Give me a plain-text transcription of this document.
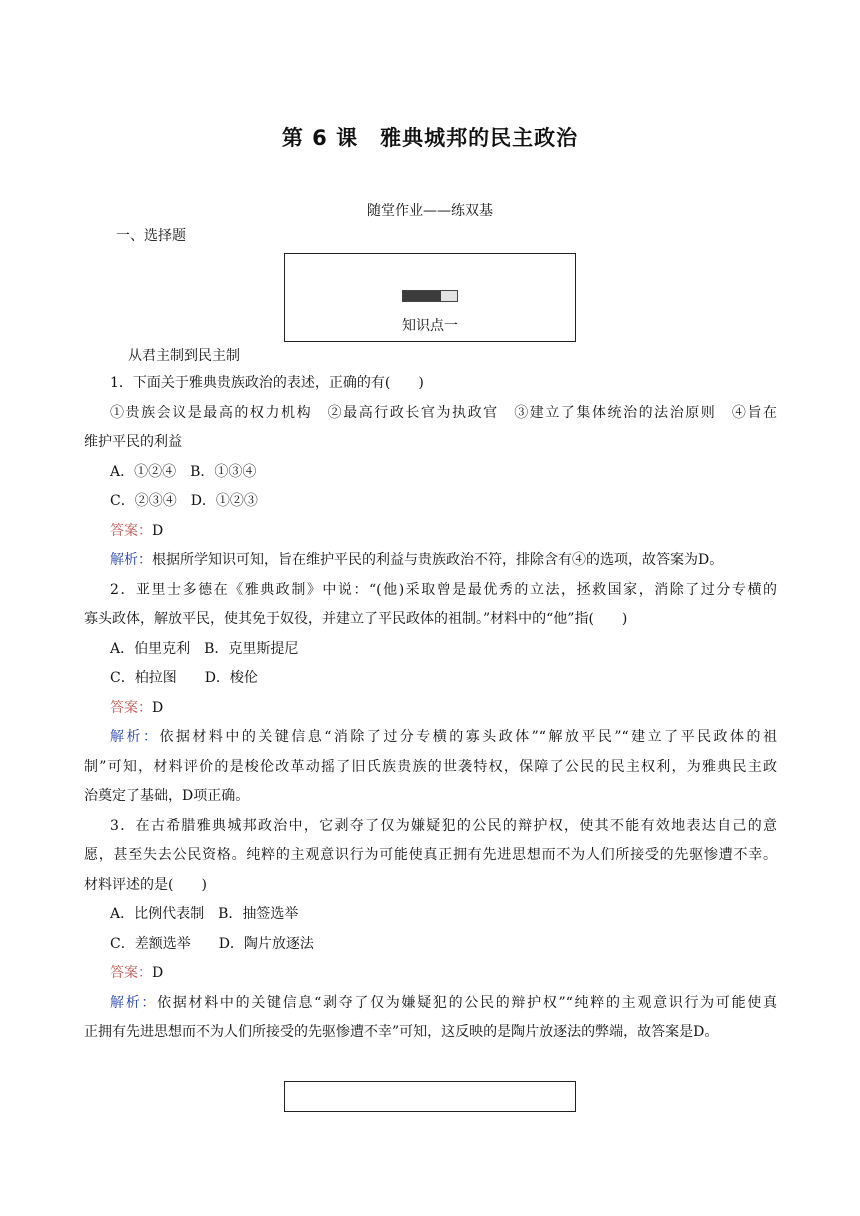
第 6 课　雅典城邦的民主政治
随堂作业——练双基
一、选择题
知识点一
从君主制到民主制
1．下面关于雅典贵族政治的表述，正确的有(　　)
①贵族会议是最高的权力机构　②最高行政长官为执政官　③建立了集体统治的法治原则　④旨在
维护平民的利益
A．①②④　B．①③④
C．②③④　D．①②③
答案：D
解析：根据所学知识可知，旨在维护平民的利益与贵族政治不符，排除含有④的选项，故答案为D。
2．亚里士多德在《雅典政制》中说：“(他)采取曾是最优秀的立法，拯救国家，消除了过分专横的
寡头政体，解放平民，使其免于奴役，并建立了平民政体的祖制。”材料中的“他”指(　　)
A．伯里克利　B．克里斯提尼
C．柏拉图　　D．梭伦
答案：D
解析：依据材料中的关键信息“消除了过分专横的寡头政体”“解放平民”“建立了平民政体的祖
制”可知，材料评价的是梭伦改革动摇了旧氏族贵族的世袭特权，保障了公民的民主权利，为雅典民主政
治奠定了基础，D项正确。
3．在古希腊雅典城邦政治中，它剥夺了仅为嫌疑犯的公民的辩护权，使其不能有效地表达自己的意
愿，甚至失去公民资格。纯粹的主观意识行为可能使真正拥有先进思想而不为人们所接受的先驱惨遭不幸。
材料评述的是(　　)
A．比例代表制　B．抽签选举
C．差额选举　　D．陶片放逐法
答案：D
解析：依据材料中的关键信息“剥夺了仅为嫌疑犯的公民的辩护权”“纯粹的主观意识行为可能使真
正拥有先进思想而不为人们所接受的先驱惨遭不幸”可知，这反映的是陶片放逐法的弊端，故答案是D。
